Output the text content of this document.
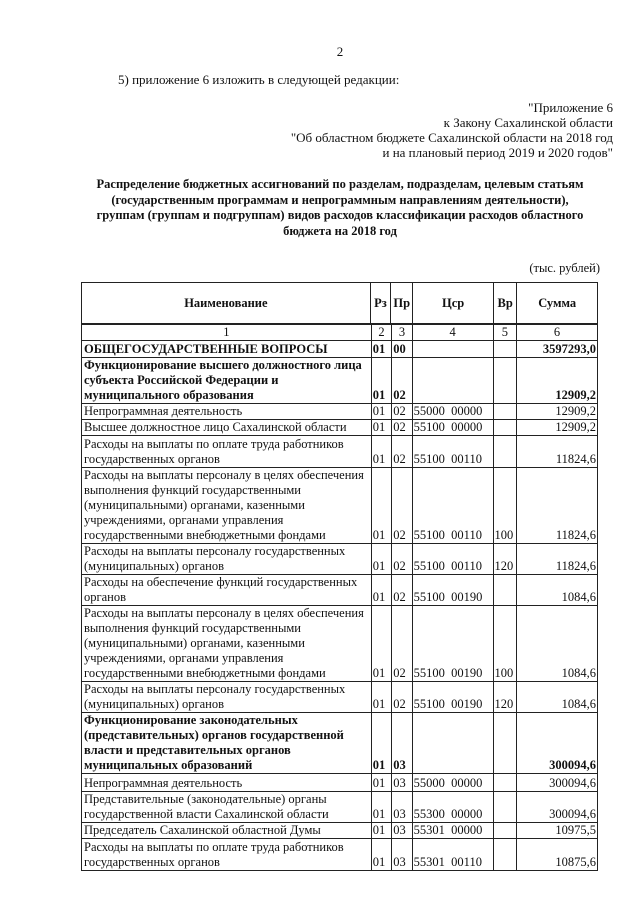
2
5) приложение 6 изложить в следующей редакции:
"Приложение 6
к Закону Сахалинской области
"Об областном бюджете Сахалинской области на 2018 год
и на плановый период 2019 и 2020 годов"
Распределение бюджетных ассигнований по разделам, подразделам, целевым статьям
(государственным программам и непрограммным направлениям деятельности),
группам (группам и подгруппам) видов расходов классификации расходов областного
бюджета на 2018 год
(тыс. рублей)
Наименование	Рз	Пр	Цср	Вр	Сумма
1	2	3	4	5	6
ОБЩЕГОСУДАРСТВЕННЫЕ ВОПРОСЫ	01	00			3597293,0
Функционирование высшего должностного лица субъекта Российской Федерации и муниципального образования	01	02			12909,2
Непрограммная деятельность	01	02	55000  00000		12909,2
Высшее должностное лицо Сахалинской области	01	02	55100  00000		12909,2
Расходы на выплаты по оплате труда работников государственных органов	01	02	55100  00110		11824,6
Расходы на выплаты персоналу в целях обеспечения выполнения функций государственными (муниципальными) органами, казенными учреждениями, органами управления государственными внебюджетными фондами	01	02	55100  00110	100	11824,6
Расходы на выплаты персоналу государственных (муниципальных) органов	01	02	55100  00110	120	11824,6
Расходы на обеспечение функций государственных органов	01	02	55100  00190		1084,6
Расходы на выплаты персоналу в целях обеспечения выполнения функций государственными (муниципальными) органами, казенными учреждениями, органами управления государственными внебюджетными фондами	01	02	55100  00190	100	1084,6
Расходы на выплаты персоналу государственных (муниципальных) органов	01	02	55100  00190	120	1084,6
Функционирование законодательных (представительных) органов государственной власти и представительных органов муниципальных образований	01	03			300094,6
Непрограммная деятельность	01	03	55000  00000		300094,6
Представительные (законодательные) органы государственной власти Сахалинской области	01	03	55300  00000		300094,6
Председатель Сахалинской областной Думы	01	03	55301  00000		10975,5
Расходы на выплаты по оплате труда работников государственных органов	01	03	55301  00110		10875,6
